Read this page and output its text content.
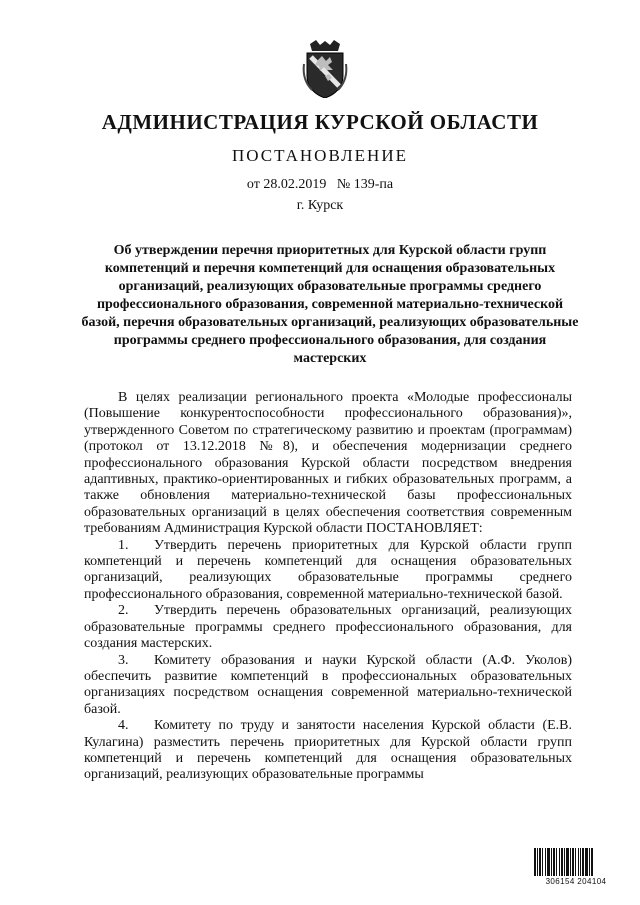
АДМИНИСТРАЦИЯ КУРСКОЙ ОБЛАСТИ
ПОСТАНОВЛЕНИЕ
от 28.02.2019   № 139-па
г. Курск
Об утверждении перечня приоритетных для Курской области групп компетенций и перечня компетенций для оснащения образовательных организаций, реализующих образовательные программы среднего профессионального образования, современной материально-технической базой, перечня образовательных организаций, реализующих образовательные программы среднего профессионального образования, для создания мастерских

В целях реализации регионального проекта «Молодые профессионалы (Повышение конкурентоспособности профессионального образования)», утвержденного Советом по стратегическому развитию и проектам (программам) (протокол от 13.12.2018 №8), и обеспечения модернизации среднего профессионального образования Курской области посредством внедрения адаптивных, практико-ориентированных и гибких образовательных программ, а также обновления материально-технической базы профессиональных образовательных организаций в целях обеспечения соответствия современным требованиям Администрация Курской области ПОСТАНОВЛЯЕТ:

1. Утвердить перечень приоритетных для Курской области групп компетенций и перечень компетенций для оснащения образовательных организаций, реализующих образовательные программы среднего профессионального образования, современной материально-технической базой.

2. Утвердить перечень образовательных организаций, реализующих образовательные программы среднего профессионального образования, для создания мастерских.

3. Комитету образования и науки Курской области (А.Ф. Уколов) обеспечить развитие компетенций в профессиональных образовательных организациях посредством оснащения современной материально-технической базой.

4. Комитету по труду и занятости населения Курской области (Е.В. Кулагина) разместить перечень приоритетных для Курской области групп компетенций и перечень компетенций для оснащения образовательных организаций, реализующих образовательные программы

306154 204104
